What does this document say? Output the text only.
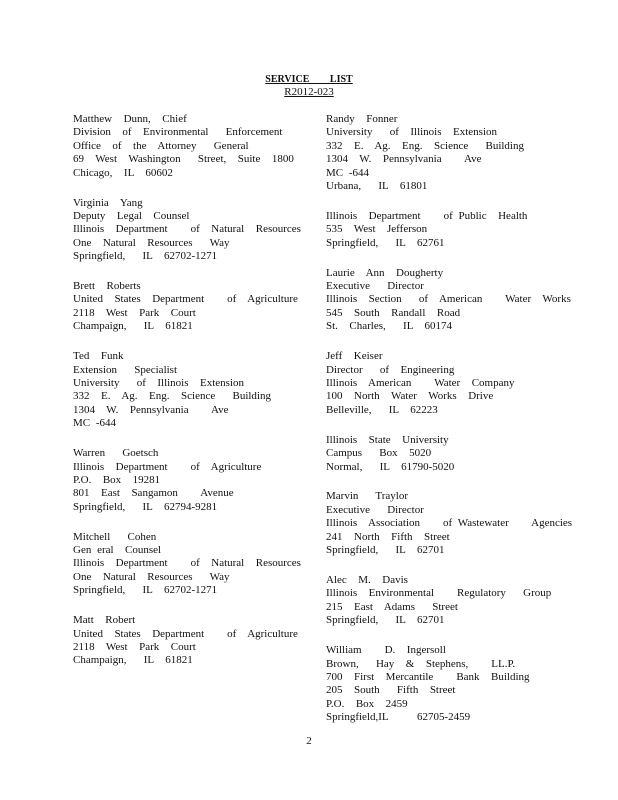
SERVICE LIST
R2012-023
Matthew  Dunn,  Chief
Division  of  Environmental   Enforcement
Office  of  the  Attorney   General
69  West  Washington   Street,  Suite  1800
Chicago,  IL  60602
Virginia  Yang
Deputy  Legal  Counsel
Illinois  Department    of  Natural  Resources
One  Natural  Resources   Way
Springfield,   IL  62702-1271
Brett  Roberts
United  States  Department    of  Agriculture
2118  West  Park  Court
Champaign,   IL  61821
Ted  Funk
Extension   Specialist
University   of  Illinois  Extension
332  E.  Ag.  Eng.  Science   Building
1304  W.  Pennsylvania    Ave
MC -644
Warren   Goetsch
Illinois  Department    of  Agriculture
P.O.  Box  19281
801  East  Sangamon    Avenue
Springfield,   IL  62794-9281
Mitchell   Cohen
Gen eral  Counsel
Illinois  Department    of  Natural  Resources
One  Natural  Resources   Way
Springfield,   IL  62702-1271
Matt  Robert
United  States  Department    of  Agriculture
2118  West  Park  Court
Champaign,   IL  61821
Randy  Fonner
University   of  Illinois  Extension
332  E.  Ag.  Eng.  Science   Building
1304  W.  Pennsylvania    Ave
MC -644
Urbana,   IL  61801
Illinois  Department    of Public  Health
535  West  Jefferson
Springfield,   IL  62761
Laurie  Ann  Dougherty
Executive   Director
Illinois  Section   of  American    Water  Works
545  South  Randall  Road
St.  Charles,   IL  60174
Jeff  Keiser
Director   of  Engineering
Illinois  American    Water  Company
100  North  Water  Works  Drive
Belleville,   IL  62223
Illinois  State  University
Campus   Box  5020
Normal,   IL  61790-5020
Marvin   Traylor
Executive   Director
Illinois  Association    of Wastewater    Agencies
241  North  Fifth  Street
Springfield,   IL  62701
Alec  M.  Davis
Illinois  Environmental    Regulatory   Group
215  East  Adams   Street
Springfield,   IL  62701
William    D.  Ingersoll
Brown,   Hay  &  Stephens,    LL.P.
700  First  Mercantile    Bank  Building
205  South   Fifth  Street
P.O.  Box  2459
Springfield,IL     62705-2459
2
